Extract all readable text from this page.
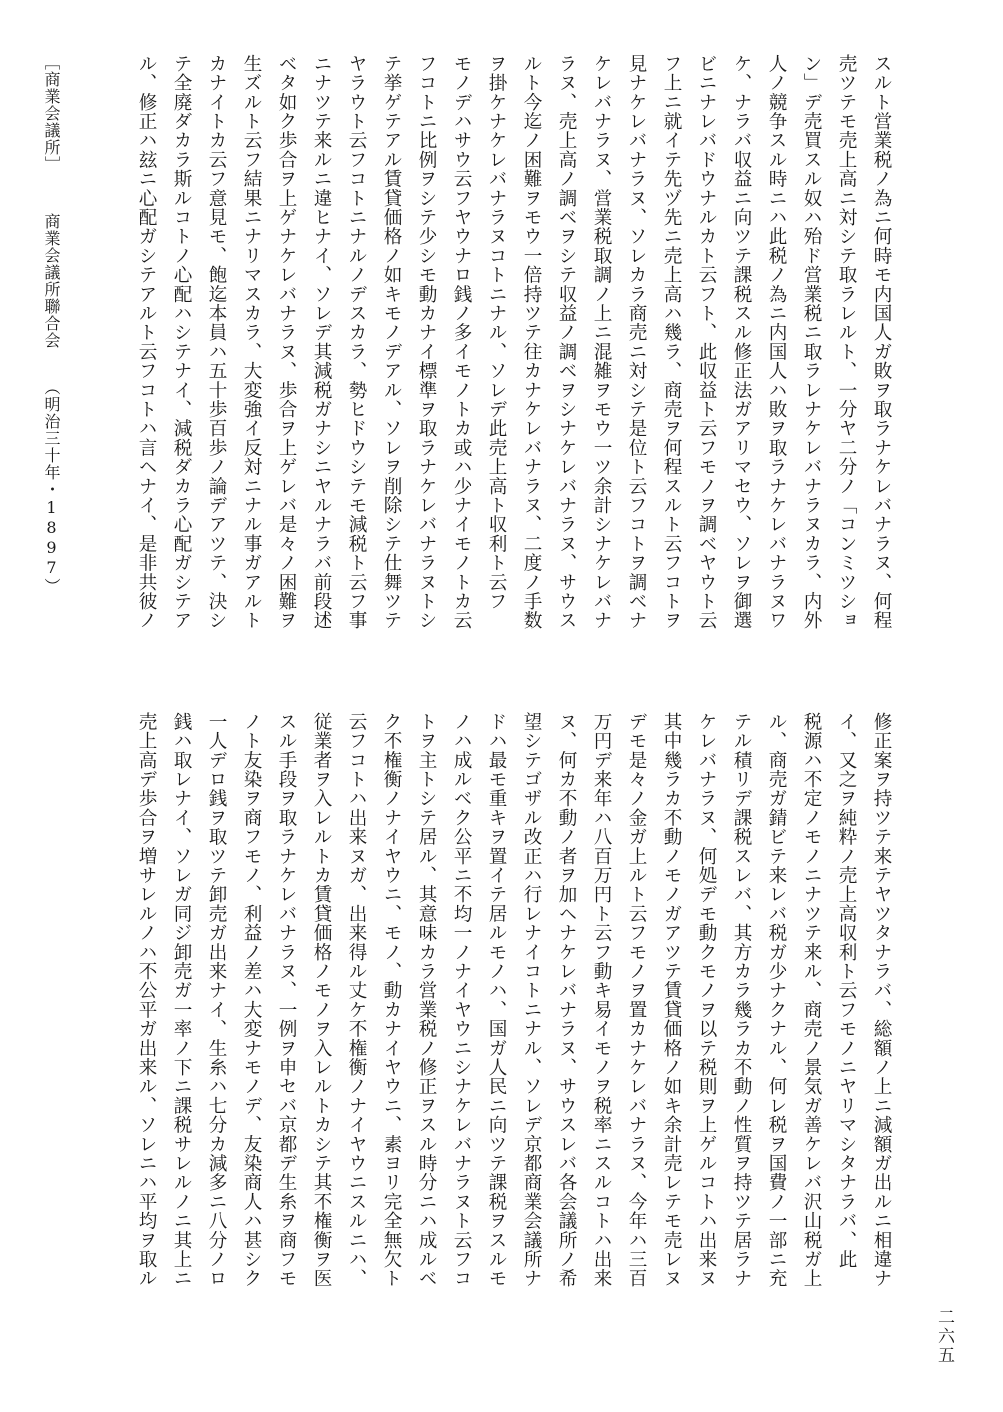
スルト営業税ノ為ニ何時モ内国人ガ敗ヲ取ラナケレバナラヌ、何程
売ツテモ売上高ニ対シテ取ラレルト、一分ヤ二分ノ「コンミツショ
ン」デ売買スル奴ハ殆ド営業税ニ取ラレナケレバナラヌカラ、内外
人ノ競争スル時ニハ此税ノ為ニ内国人ハ敗ヲ取ラナケレバナラヌワ
ケ、ナラバ収益ニ向ツテ課税スル修正法ガアリマセウ、ソレヲ御選
ビニナレバドウナルカト云フト、此収益ト云フモノヲ調ベヤウト云
フ上ニ就イテ先ヅ先ニ売上高ハ幾ラ、商売ヲ何程スルト云フコトヲ
見ナケレバナラヌ、ソレカラ商売ニ対シテ是位ト云フコトヲ調ベナ
ケレバナラヌ、営業税取調ノ上ニ混雑ヲモウ一ツ余計シナケレバナ
ラヌ、売上高ノ調ベヲシテ収益ノ調ベヲシナケレバナラヌ、サウス
ルト今迄ノ困難ヲモウ一倍持ツテ往カナケレバナラヌ、二度ノ手数
ヲ掛ケナケレバナラヌコトニナル、ソレデ此売上高ト収利ト云フ
モノデハサウ云フヤウナロ銭ノ多イモノトカ或ハ少ナイモノトカ云
フコトニ比例ヲシテ少シモ動カナイ標準ヲ取ラナケレバナラヌトシ
テ挙ゲテアル賃貸価格ノ如キモノデアル、ソレヲ削除シテ仕舞ツテ
ヤラウト云フコトニナルノデスカラ、勢ヒドウシテモ減税ト云フ事
ニナツテ来ルニ違ヒナイ、ソレデ其減税ガナシニヤルナラバ前段述
ベタ如ク歩合ヲ上ゲナケレバナラヌ、歩合ヲ上ゲレバ是々ノ困難ヲ
生ズルト云フ結果ニナリマスカラ、大変強イ反対ニナル事ガアルト
カナイトカ云フ意見モ、飽迄本員ハ五十歩百歩ノ論デアツテ、決シ
テ全廃ダカラ斯ルコトノ心配ハシテナイ、減税ダカラ心配ガシテア
ル、修正ハ玆ニ心配ガシテアルト云フコトハ言ヘナイ、是非共彼ノ
［商業会議所］ 商業会議所聯合会 （明治三十年・1897）
修正案ヲ持ツテ来テヤツタナラバ、総額ノ上ニ減額ガ出ルニ相違ナ
イ、又之ヲ純粋ノ売上高収利ト云フモノニヤリマシタナラバ、此
税源ハ不定ノモノニナツテ来ル、商売ノ景気ガ善ケレバ沢山税ガ上
ル、商売ガ錆ビテ来レバ税ガ少ナクナル、何レ税ヲ国費ノ一部ニ充
テル積リデ課税スレバ、其方カラ幾ラカ不動ノ性質ヲ持ツテ居ラナ
ケレバナラヌ、何処デモ動クモノヲ以テ税則ヲ上ゲルコトハ出来ヌ
其中幾ラカ不動ノモノガアツテ賃貸価格ノ如キ余計売レテモ売レヌ
デモ是々ノ金ガ上ルト云フモノヲ置カナケレバナラヌ、今年ハ三百
万円デ来年ハ八百万円ト云フ動キ易イモノヲ税率ニスルコトハ出来
ヌ、何カ不動ノ者ヲ加ヘナケレバナラヌ、サウスレバ各会議所ノ希
望シテゴザル改正ハ行レナイコトニナル、ソレデ京都商業会議所ナ
ドハ最モ重キヲ置イテ居ルモノハ、国ガ人民ニ向ツテ課税ヲスルモ
ノハ成ルベク公平ニ不均一ノナイヤウニシナケレバナラヌト云フコ
トヲ主トシテ居ル、其意味カラ営業税ノ修正ヲスル時分ニハ成ルベ
ク不権衡ノナイヤウニ、モノ、動カナイヤウニ、素ヨリ完全無欠ト
云フコトハ出来ヌガ、出来得ル丈ケ不権衡ノナイヤウニスルニハ、
従業者ヲ入レルトカ賃貸価格ノモノヲ入レルトカシテ其不権衡ヲ医
スル手段ヲ取ラナケレバナラヌ、一例ヲ申セバ京都デ生糸ヲ商フモ
ノト友染ヲ商フモノ、利益ノ差ハ大変ナモノデ、友染商人ハ甚シク
一人デロ銭ヲ取ツテ卸売ガ出来ナイ、生糸ハ七分カ減多ニ八分ノロ
銭ハ取レナイ、ソレガ同ジ卸売ガ一率ノ下ニ課税サレルノニ其上ニ
売上高デ歩合ヲ増サレルノハ不公平ガ出来ル、ソレニハ平均ヲ取ル
二六五
